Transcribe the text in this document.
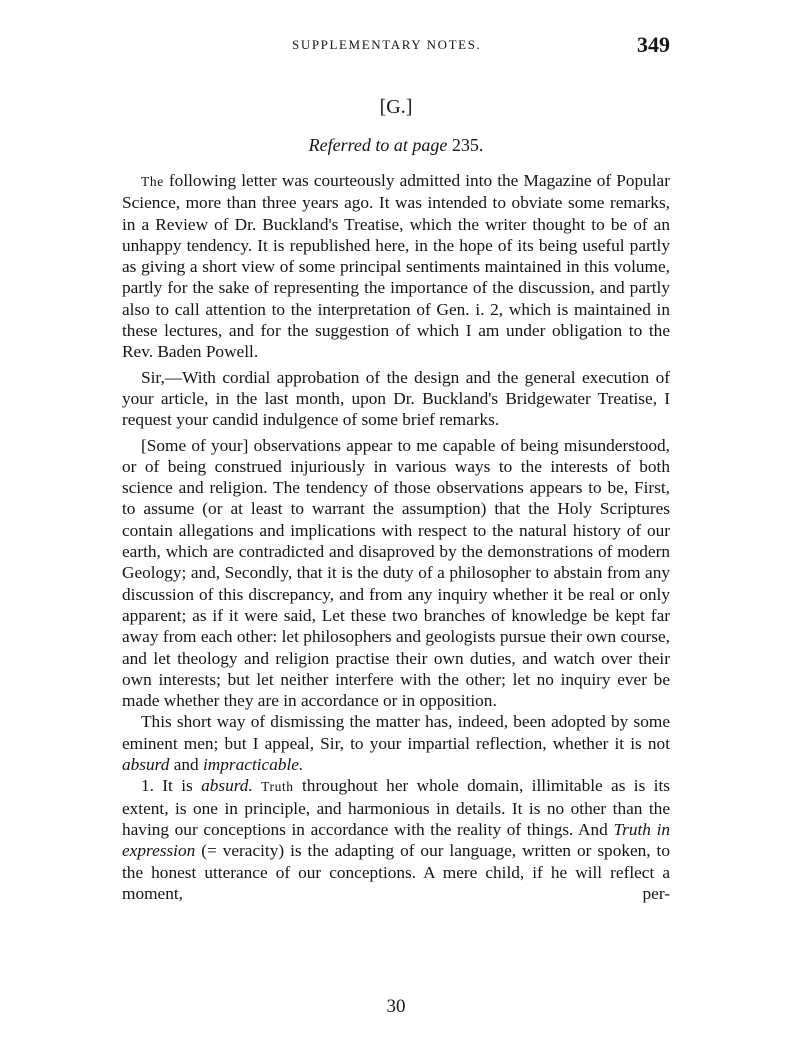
SUPPLEMENTARY NOTES.	349
[G.]
Referred to at page 235.

The following letter was courteously admitted into the Magazine of Popular Science, more than three years ago. It was intended to obviate some remarks, in a Review of Dr. Buckland's Treatise, which the writer thought to be of an unhappy tendency. It is republished here, in the hope of its being useful partly as giving a short view of some principal sentiments maintained in this volume, partly for the sake of representing the importance of the discussion, and partly also to call attention to the interpretation of Gen. i. 2, which is maintained in these lectures, and for the suggestion of which I am under obligation to the Rev. Baden Powell.

Sir,—With cordial approbation of the design and the general execution of your article, in the last month, upon Dr. Buckland's Bridgewater Treatise, I request your candid indulgence of some brief remarks.

[Some of your] observations appear to me capable of being misunderstood, or of being construed injuriously in various ways to the interests of both science and religion. The tendency of those observations appears to be, First, to assume (or at least to warrant the assumption) that the Holy Scriptures contain allegations and implications with respect to the natural history of our earth, which are contradicted and disaproved by the demonstrations of modern Geology; and, Secondly, that it is the duty of a philosopher to abstain from any discussion of this discrepancy, and from any inquiry whether it be real or only apparent; as if it were said, Let these two branches of knowledge be kept far away from each other: let philosophers and geologists pursue their own course, and let theology and religion practise their own duties, and watch over their own interests; but let neither interfere with the other; let no inquiry ever be made whether they are in accordance or in opposition.

This short way of dismissing the matter has, indeed, been adopted by some eminent men; but I appeal, Sir, to your impartial reflection, whether it is not absurd and impracticable.

1. It is absurd. Truth throughout her whole domain, illimitable as is its extent, is one in principle, and harmonious in details. It is no other than the having our conceptions in accordance with the reality of things. And Truth in expression (= veracity) is the adapting of our language, written or spoken, to the honest utterance of our conceptions. A mere child, if he will reflect a moment, per-

30
